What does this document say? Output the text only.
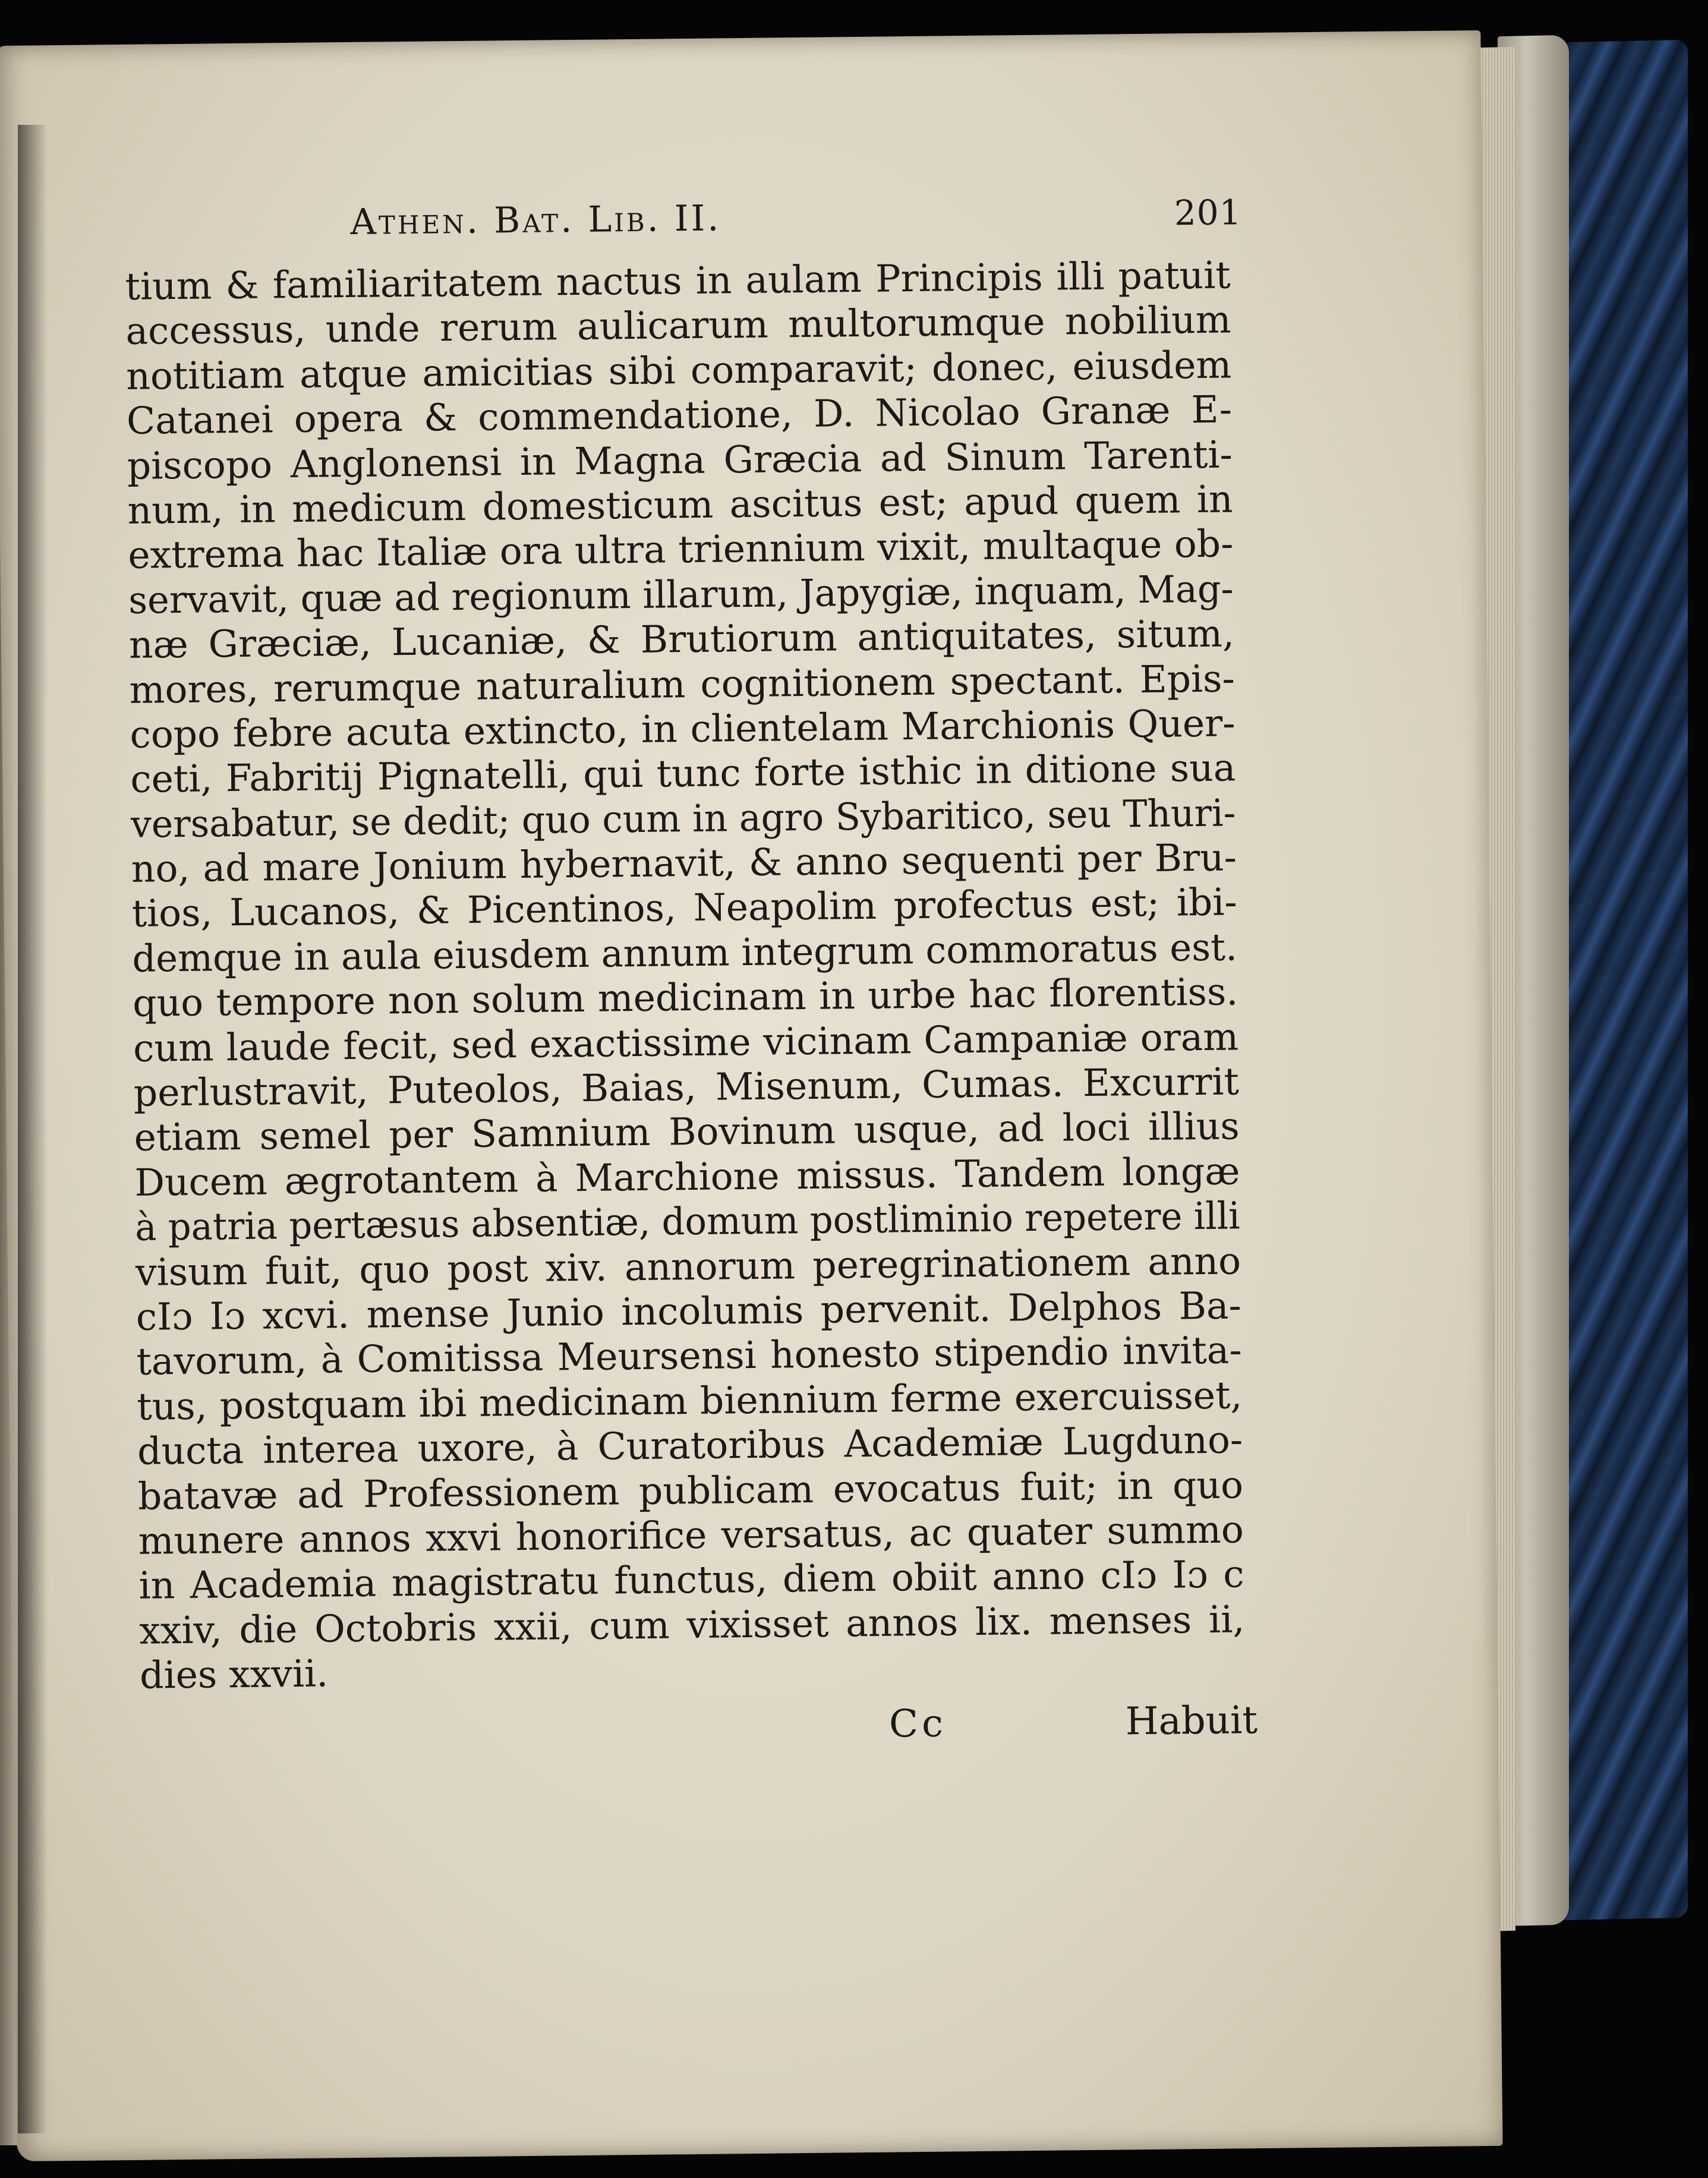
Athen. Bat. Lib. II.	201
tium & familiaritatem nactus in aulam Principis illi patuit
accessus, unde rerum aulicarum multorumque nobilium
notitiam atque amicitias sibi comparavit; donec, eiusdem
Catanei opera & commendatione, D. Nicolao Granæ E-
piscopo Anglonensi in Magna Græcia ad Sinum Tarenti-
num, in medicum domesticum ascitus est; apud quem in
extrema hac Italiæ ora ultra triennium vixit, multaque ob-
servavit, quæ ad regionum illarum, Japygiæ, inquam, Mag-
næ Græciæ, Lucaniæ, & Brutiorum antiquitates, situm,
mores, rerumque naturalium cognitionem spectant. Epis-
copo febre acuta extincto, in clientelam Marchionis Quer-
ceti, Fabritij Pignatelli, qui tunc forte isthic in ditione sua
versabatur, se dedit; quo cum in agro Sybaritico, seu Thuri-
no, ad mare Jonium hybernavit, & anno sequenti per Bru-
tios, Lucanos, & Picentinos, Neapolim profectus est; ibi-
demque in aula eiusdem annum integrum commoratus est.
quo tempore non solum medicinam in urbe hac florentiss.
cum laude fecit, sed exactissime vicinam Campaniæ oram
perlustravit, Puteolos, Baias, Misenum, Cumas. Excurrit
etiam semel per Samnium Bovinum usque, ad loci illius
Ducem ægrotantem à Marchione missus. Tandem longæ
à patria pertæsus absentiæ, domum postliminio repetere illi
visum fuit, quo post xiv. annorum peregrinationem anno
cIɔ Iɔ xcvi. mense Junio incolumis pervenit. Delphos Ba-
tavorum, à Comitissa Meursensi honesto stipendio invita-
tus, postquam ibi medicinam biennium ferme exercuisset,
ducta interea uxore, à Curatoribus Academiæ Lugduno-
batavæ ad Professionem publicam evocatus fuit; in quo
munere annos xxvi honorifice versatus, ac quater summo
in Academia magistratu functus, diem obiit anno cIɔ Iɔ c
xxiv, die Octobris xxii, cum vixisset annos lix. menses ii,
dies xxvii.
Cc	Habuit
